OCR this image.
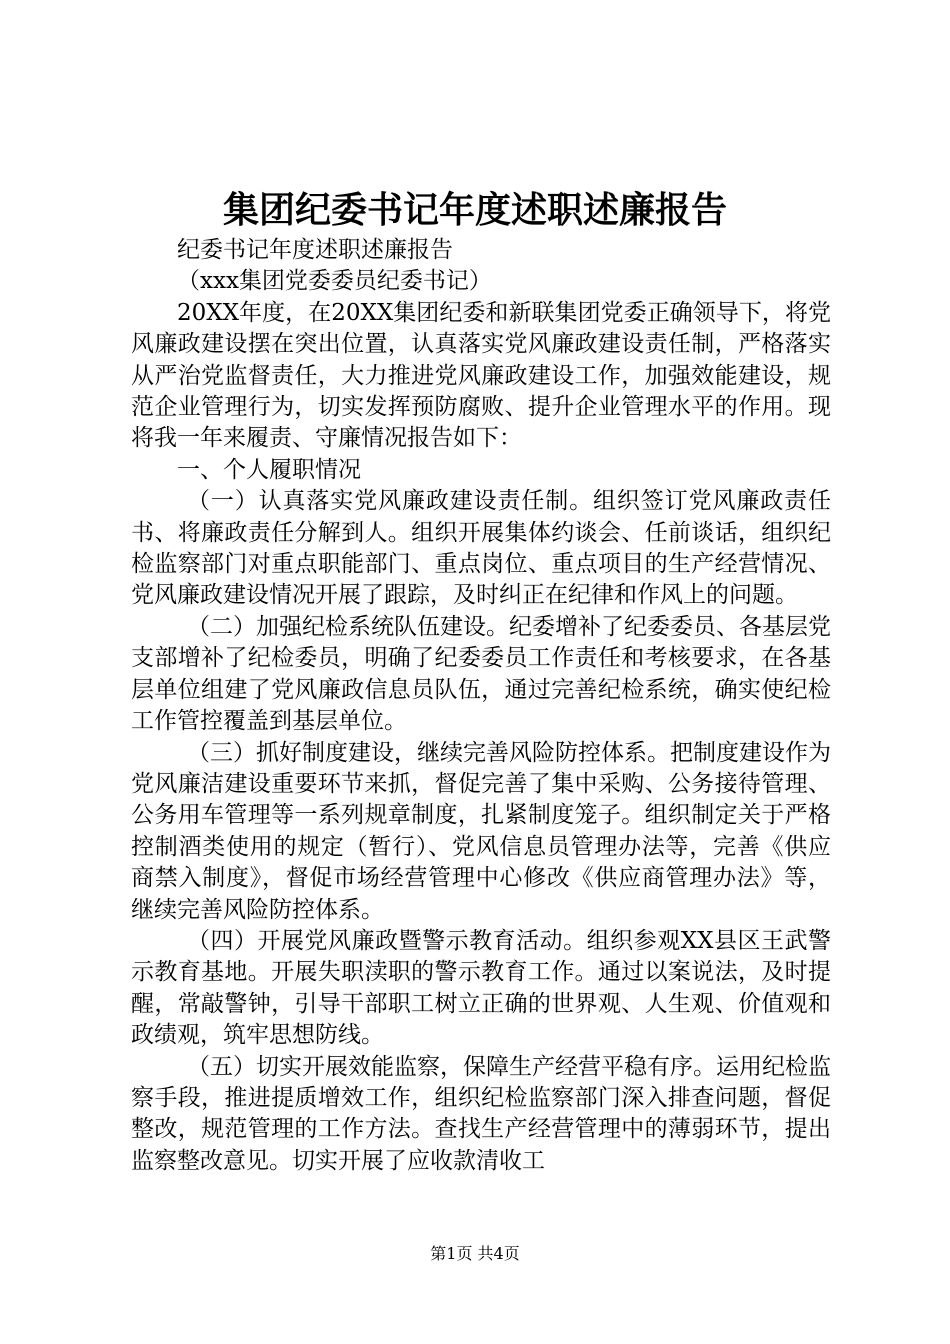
集团纪委书记年度述职述廉报告

纪委书记年度述职述廉报告

（xxx集团党委委员纪委书记）

20XX年度，在20XX集团纪委和新联集团党委正确领导下，将党风廉政建设摆在突出位置，认真落实党风廉政建设责任制，严格落实从严治党监督责任，大力推进党风廉政建设工作，加强效能建设，规范企业管理行为，切实发挥预防腐败、提升企业管理水平的作用。现将我一年来履责、守廉情况报告如下：

一、个人履职情况

（一）认真落实党风廉政建设责任制。组织签订党风廉政责任书、将廉政责任分解到人。组织开展集体约谈会、任前谈话，组织纪检监察部门对重点职能部门、重点岗位、重点项目的生产经营情况、党风廉政建设情况开展了跟踪，及时纠正在纪律和作风上的问题。

（二）加强纪检系统队伍建设。纪委增补了纪委委员、各基层党支部增补了纪检委员，明确了纪委委员工作责任和考核要求，在各基层单位组建了党风廉政信息员队伍，通过完善纪检系统，确实使纪检工作管控覆盖到基层单位。

（三）抓好制度建设，继续完善风险防控体系。把制度建设作为党风廉洁建设重要环节来抓，督促完善了集中采购、公务接待管理、公务用车管理等一系列规章制度，扎紧制度笼子。组织制定关于严格控制酒类使用的规定（暂行）、党风信息员管理办法等，完善《供应商禁入制度》，督促市场经营管理中心修改《供应商管理办法》等，继续完善风险防控体系。

（四）开展党风廉政暨警示教育活动。组织参观XX县区王武警示教育基地。开展失职渎职的警示教育工作。通过以案说法，及时提醒，常敲警钟，引导干部职工树立正确的世界观、人生观、价值观和政绩观，筑牢思想防线。

（五）切实开展效能监察，保障生产经营平稳有序。运用纪检监察手段，推进提质增效工作，组织纪检监察部门深入排查问题，督促整改，规范管理的工作方法。查找生产经营管理中的薄弱环节，提出监察整改意见。切实开展了应收款清收工

第1页 共4页
